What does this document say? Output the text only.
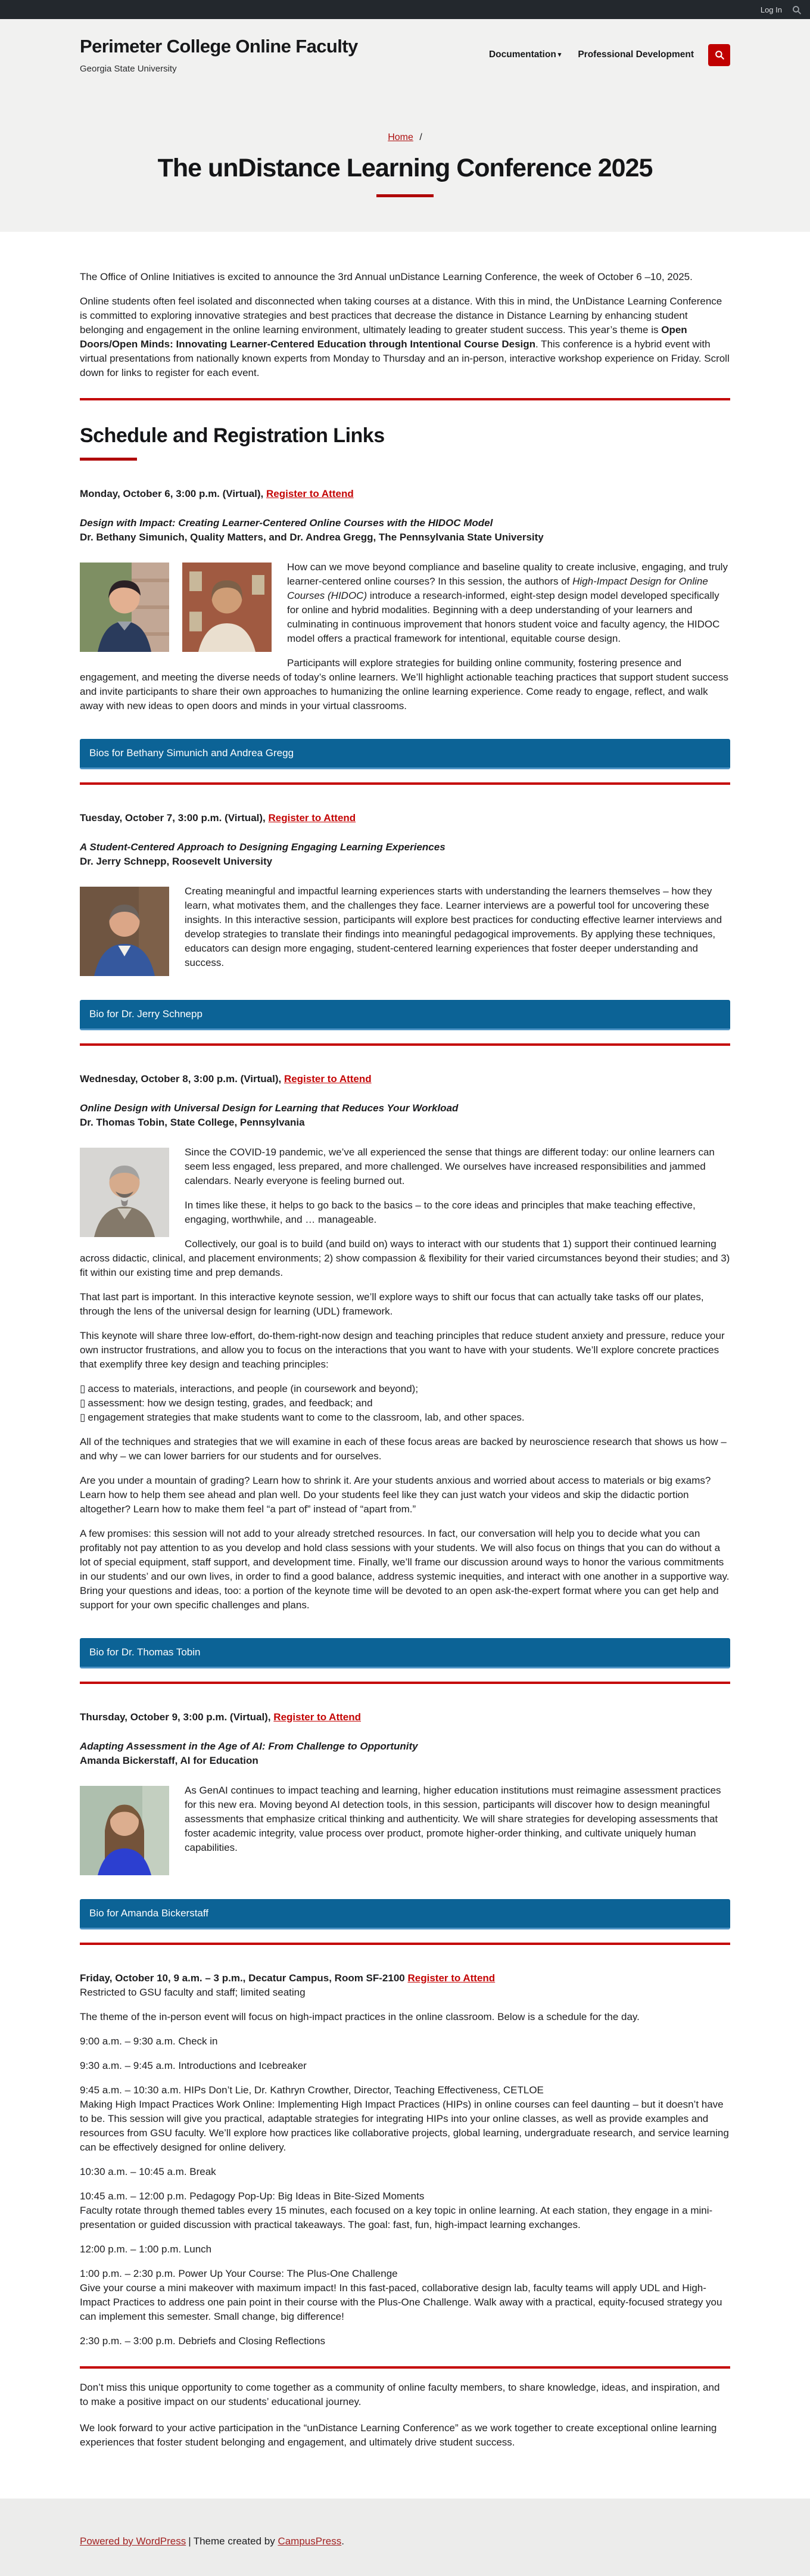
Log In
Perimeter College Online Faculty
Georgia State University
Documentation ▾ Professional Development
Home /
The unDistance Learning Conference 2025

The Office of Online Initiatives is excited to announce the 3rd Annual unDistance Learning Conference, the week of October 6 –10, 2025.

Online students often feel isolated and disconnected when taking courses at a distance. With this in mind, the UnDistance Learning Conference is committed to exploring innovative strategies and best practices that decrease the distance in Distance Learning by enhancing student belonging and engagement in the online learning environment, ultimately leading to greater student success. This year’s theme is Open Doors/Open Minds: Innovating Learner-Centered Education through Intentional Course Design. This conference is a hybrid event with virtual presentations from nationally known experts from Monday to Thursday and an in-person, interactive workshop experience on Friday. Scroll down for links to register for each event.

Schedule and Registration Links

Monday, October 6, 3:00 p.m. (Virtual), Register to Attend

Design with Impact: Creating Learner-Centered Online Courses with the HIDOC Model

Dr. Bethany Simunich, Quality Matters, and Dr. Andrea Gregg, The Pennsylvania State University

How can we move beyond compliance and baseline quality to create inclusive, engaging, and truly learner-centered online courses? In this session, the authors of High-Impact Design for Online Courses (HIDOC) introduce a research-informed, eight-step design model developed specifically for online and hybrid modalities. Beginning with a deep understanding of your learners and culminating in continuous improvement that honors student voice and faculty agency, the HIDOC model offers a practical framework for intentional, equitable course design.

Participants will explore strategies for building online community, fostering presence and engagement, and meeting the diverse needs of today’s online learners. We’ll highlight actionable teaching practices that support student success and invite participants to share their own approaches to humanizing the online learning experience. Come ready to engage, reflect, and walk away with new ideas to open doors and minds in your virtual classrooms.

Bios for Bethany Simunich and Andrea Gregg

Tuesday, October 7, 3:00 p.m. (Virtual), Register to Attend

A Student-Centered Approach to Designing Engaging Learning Experiences

Dr. Jerry Schnepp, Roosevelt University

Creating meaningful and impactful learning experiences starts with understanding the learners themselves – how they learn, what motivates them, and the challenges they face. Learner interviews are a powerful tool for uncovering these insights. In this interactive session, participants will explore best practices for conducting effective learner interviews and develop strategies to translate their findings into meaningful pedagogical improvements. By applying these techniques, educators can design more engaging, student-centered learning experiences that foster deeper understanding and success.

Bio for Dr. Jerry Schnepp

Wednesday, October 8, 3:00 p.m. (Virtual), Register to Attend

Online Design with Universal Design for Learning that Reduces Your Workload

Dr. Thomas Tobin, State College, Pennsylvania

Since the COVID-19 pandemic, we’ve all experienced the sense that things are different today: our online learners can seem less engaged, less prepared, and more challenged. We ourselves have increased responsibilities and jammed calendars. Nearly everyone is feeling burned out.

In times like these, it helps to go back to the basics – to the core ideas and principles that make teaching effective, engaging, worthwhile, and … manageable.

Collectively, our goal is to build (and build on) ways to interact with our students that 1) support their continued learning across didactic, clinical, and placement environments; 2) show compassion & flexibility for their varied circumstances beyond their studies; and 3) fit within our existing time and prep demands.

That last part is important. In this interactive keynote session, we’ll explore ways to shift our focus that can actually take tasks off our plates, through the lens of the universal design for learning (UDL) framework.

This keynote will share three low-effort, do-them-right-now design and teaching principles that reduce student anxiety and pressure, reduce your own instructor frustrations, and allow you to focus on the interactions that you want to have with your students. We’ll explore concrete practices that exemplify three key design and teaching principles:

▯ access to materials, interactions, and people (in coursework and beyond);

▯ assessment: how we design testing, grades, and feedback; and

▯ engagement strategies that make students want to come to the classroom, lab, and other spaces.

All of the techniques and strategies that we will examine in each of these focus areas are backed by neuroscience research that shows us how – and why – we can lower barriers for our students and for ourselves.

Are you under a mountain of grading? Learn how to shrink it. Are your students anxious and worried about access to materials or big exams? Learn how to help them see ahead and plan well. Do your students feel like they can just watch your videos and skip the didactic portion altogether? Learn how to make them feel “a part of” instead of “apart from.”

A few promises: this session will not add to your already stretched resources. In fact, our conversation will help you to decide what you can profitably not pay attention to as you develop and hold class sessions with your students. We will also focus on things that you can do without a lot of special equipment, staff support, and development time. Finally, we’ll frame our discussion around ways to honor the various commitments in our students’ and our own lives, in order to find a good balance, address systemic inequities, and interact with one another in a supportive way. Bring your questions and ideas, too: a portion of the keynote time will be devoted to an open ask-the-expert format where you can get help and support for your own specific challenges and plans.

Bio for Dr. Thomas Tobin

Thursday, October 9, 3:00 p.m. (Virtual), Register to Attend

Adapting Assessment in the Age of AI: From Challenge to Opportunity

Amanda Bickerstaff, AI for Education

As GenAI continues to impact teaching and learning, higher education institutions must reimagine assessment practices for this new era. Moving beyond AI detection tools, in this session, participants will discover how to design meaningful assessments that emphasize critical thinking and authenticity. We will share strategies for developing assessments that foster academic integrity, value process over product, promote higher-order thinking, and cultivate uniquely human capabilities.

Bio for Amanda Bickerstaff

Friday, October 10, 9 a.m. – 3 p.m., Decatur Campus, Room SF-2100 Register to Attend

Restricted to GSU faculty and staff; limited seating

The theme of the in-person event will focus on high-impact practices in the online classroom. Below is a schedule for the day.

9:00 a.m. – 9:30 a.m. Check in

9:30 a.m. – 9:45 a.m. Introductions and Icebreaker

9:45 a.m. – 10:30 a.m. HIPs Don’t Lie, Dr. Kathryn Crowther, Director, Teaching Effectiveness, CETLOE

Making High Impact Practices Work Online: Implementing High Impact Practices (HIPs) in online courses can feel daunting – but it doesn’t have to be. This session will give you practical, adaptable strategies for integrating HIPs into your online classes, as well as provide examples and resources from GSU faculty. We’ll explore how practices like collaborative projects, global learning, undergraduate research, and service learning can be effectively designed for online delivery.

10:30 a.m. – 10:45 a.m. Break

10:45 a.m. – 12:00 p.m. Pedagogy Pop-Up: Big Ideas in Bite-Sized Moments

Faculty rotate through themed tables every 15 minutes, each focused on a key topic in online learning. At each station, they engage in a mini-presentation or guided discussion with practical takeaways. The goal: fast, fun, high-impact learning exchanges.

12:00 p.m. – 1:00 p.m. Lunch

1:00 p.m. – 2:30 p.m. Power Up Your Course: The Plus-One Challenge

Give your course a mini makeover with maximum impact! In this fast-paced, collaborative design lab, faculty teams will apply UDL and High-Impact Practices to address one pain point in their course with the Plus-One Challenge. Walk away with a practical, equity-focused strategy you can implement this semester. Small change, big difference!

2:30 p.m. – 3:00 p.m. Debriefs and Closing Reflections

Don’t miss this unique opportunity to come together as a community of online faculty members, to share knowledge, ideas, and inspiration, and to make a positive impact on our students’ educational journey.

We look forward to your active participation in the “unDistance Learning Conference” as we work together to create exceptional online learning experiences that foster student belonging and engagement, and ultimately drive student success.

Powered by WordPress | Theme created by CampusPress.
